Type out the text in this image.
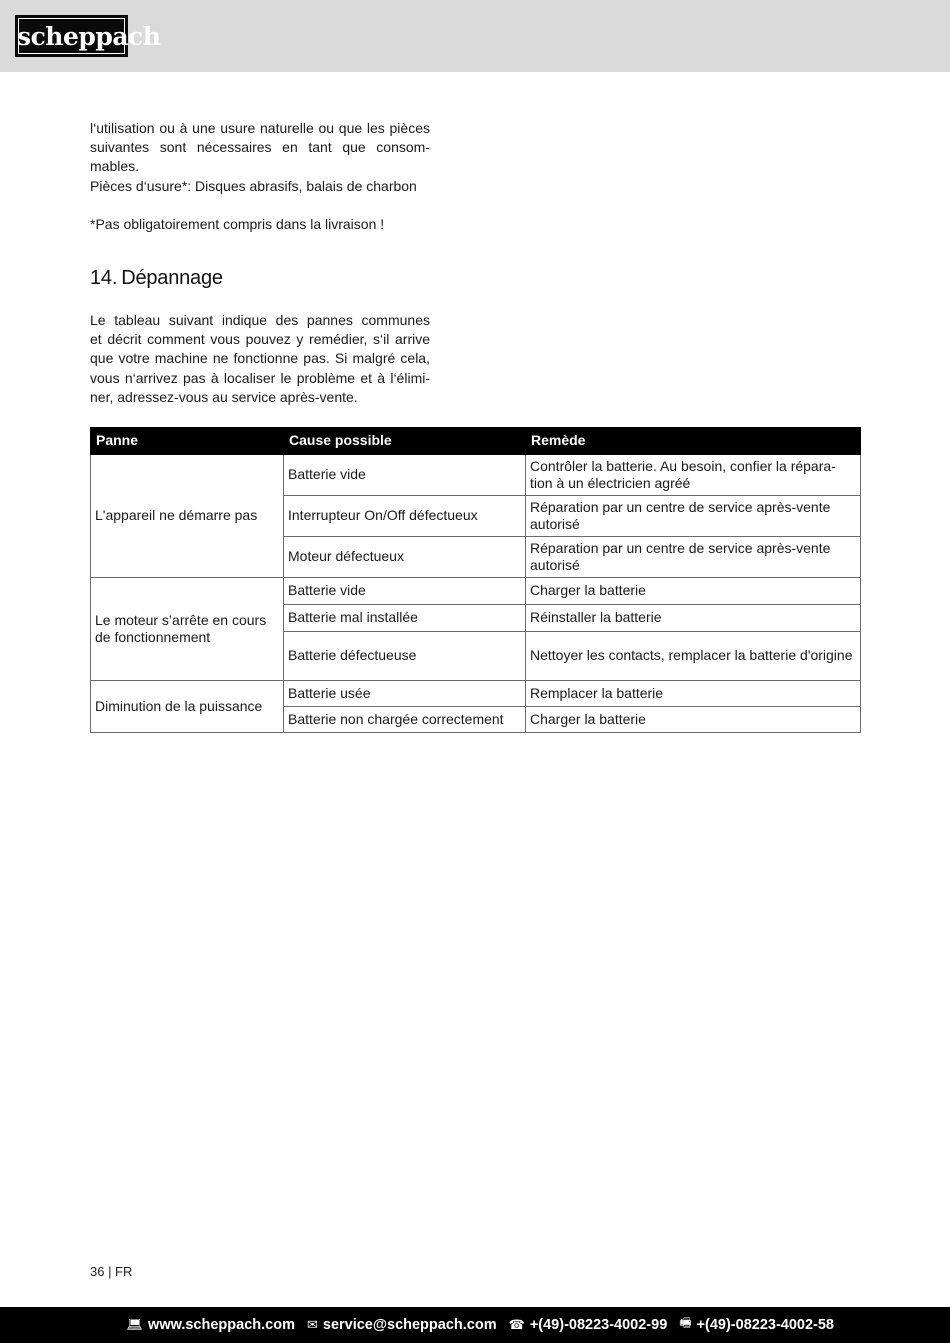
scheppach
l‘utilisation ou à une usure naturelle ou que les pièces
suivantes sont nécessaires en tant que consom-
mables.
Pièces d‘usure*: Disques abrasifs, balais de charbon
*Pas obligatoirement compris dans la livraison !
14. Dépannage
Le tableau suivant indique des pannes communes
et décrit comment vous pouvez y remédier, s‘il arrive
que votre machine ne fonctionne pas. Si malgré cela,
vous n‘arrivez pas à localiser le problème et à l‘élimi-
ner, adressez-vous au service après-vente.
Panne	Cause possible	Remède
L'appareil ne démarre pas	Batterie vide	Contrôler la batterie. Au besoin, confier la répara-tion à un électricien agréé
	Interrupteur On/Off défectueux	Réparation par un centre de service après-vente autorisé
	Moteur défectueux	Réparation par un centre de service après-vente autorisé
Le moteur s’arrête en cours de fonctionnement	Batterie vide	Charger la batterie
	Batterie mal installée	Réinstaller la batterie
	Batterie défectueuse	Nettoyer les contacts, remplacer la batterie d'origine
Diminution de la puissance	Batterie usée	Remplacer la batterie
	Batterie non chargée correctement	Charger la batterie
36 | FR
💻︎ www.scheppach.com ✉︎ service@scheppach.com ☎︎ +(49)-08223-4002-99 🖷︎ +(49)-08223-4002-58
